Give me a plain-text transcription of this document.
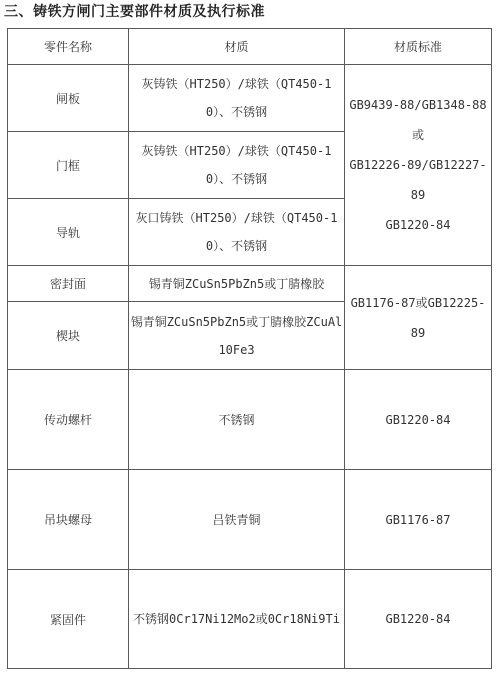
三、铸铁方闸门主要部件材质及执行标准
零件名称	材质	材质标准
闸板	灰铸铁（HT250）/球铁（QT450-1
0）、不锈钢	GB9439-88/GB1348-88或
GB12226-89/GB12227-89
GB1220-84

门框	灰铸铁（HT250）/球铁（QT450-1
0）、不锈钢	

导轨	灰口铸铁（HT250）/球铁（QT450-1
0）、不锈钢	

密封面	锡青铜ZCuSn5PbZn5或丁腈橡胶	GB1176-87或GB12225-89
楔块	锡青铜ZCuSn5PbZn5或丁腈橡胶ZCuAl
10Fe3	

传动螺杆	不锈钢	GB1220-84
吊块螺母	吕铁青铜	GB1176-87
紧固件	不锈钢0Cr17Ni12Mo2或0Cr18Ni9Ti	GB1220-84
